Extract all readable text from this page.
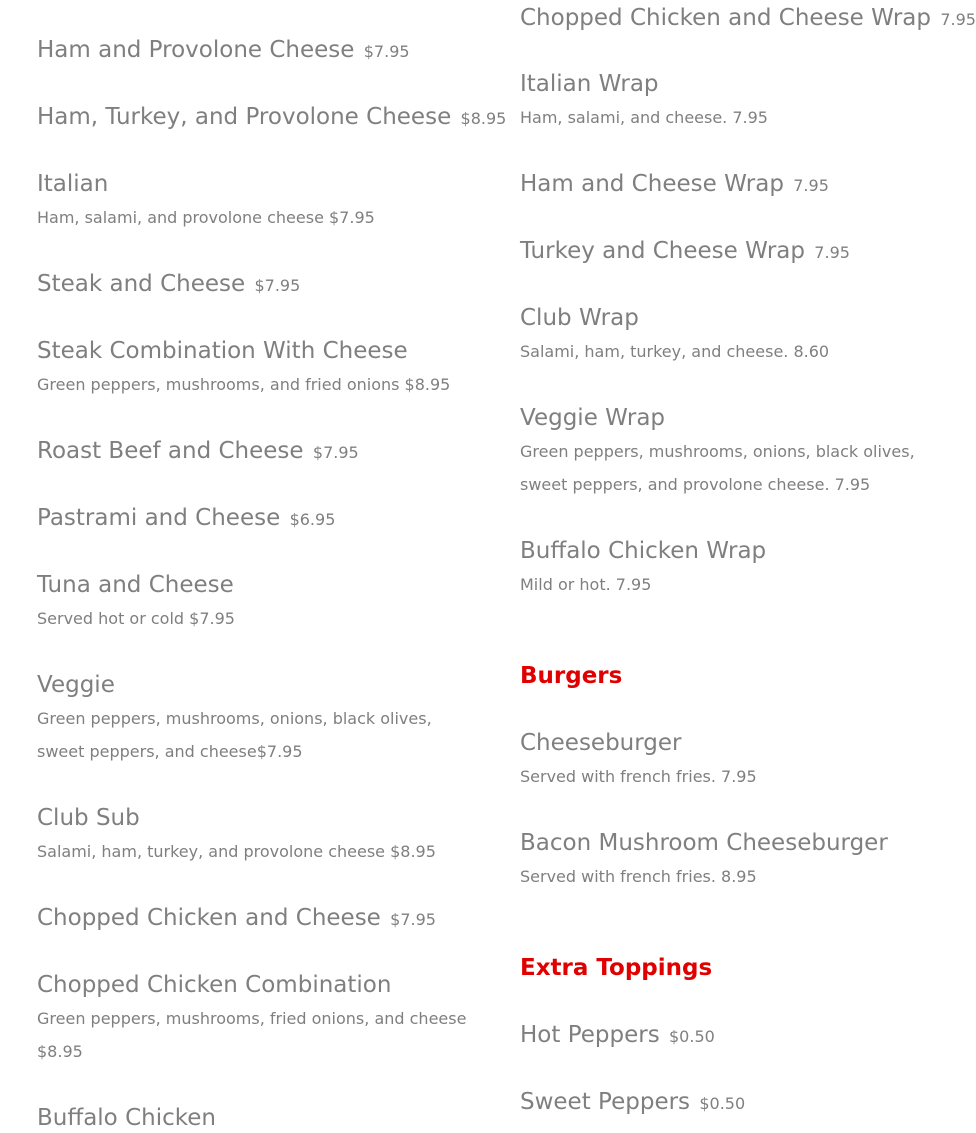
Ham and Provolone Cheese $7.95
Ham, Turkey, and Provolone Cheese $8.95
Italian
Ham, salami, and provolone cheese $7.95
Steak and Cheese $7.95
Steak Combination With Cheese
Green peppers, mushrooms, and fried onions $8.95
Roast Beef and Cheese $7.95
Pastrami and Cheese $6.95
Tuna and Cheese
Served hot or cold $7.95
Veggie
Green peppers, mushrooms, onions, black olives, sweet peppers, and cheese$7.95
Club Sub
Salami, ham, turkey, and provolone cheese $8.95
Chopped Chicken and Cheese $7.95
Chopped Chicken Combination
Green peppers, mushrooms, fried onions, and cheese $8.95
Buffalo Chicken
Chopped Chicken and Cheese Wrap 7.95
Italian Wrap
Ham, salami, and cheese. 7.95
Ham and Cheese Wrap 7.95
Turkey and Cheese Wrap 7.95
Club Wrap
Salami, ham, turkey, and cheese. 8.60
Veggie Wrap
Green peppers, mushrooms, onions, black olives, sweet peppers, and provolone cheese. 7.95
Buffalo Chicken Wrap
Mild or hot. 7.95
Burgers
Cheeseburger
Served with french fries. 7.95
Bacon Mushroom Cheeseburger
Served with french fries. 8.95
Extra Toppings
Hot Peppers $0.50
Sweet Peppers $0.50
